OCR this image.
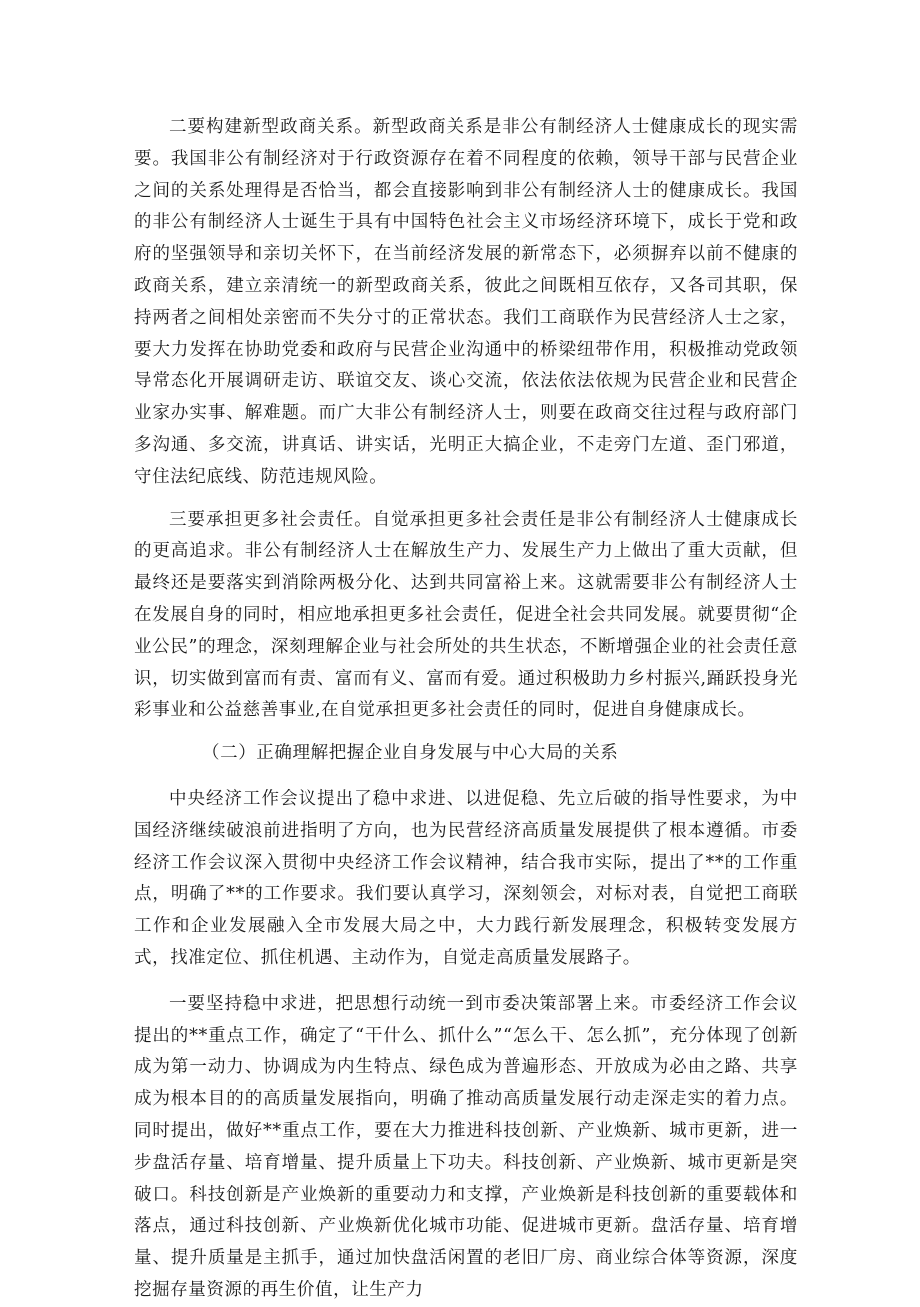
二要构建新型政商关系。新型政商关系是非公有制经济人士健康成长的现实需要。我国非公有制经济对于行政资源存在着不同程度的依赖，领导干部与民营企业之间的关系处理得是否恰当，都会直接影响到非公有制经济人士的健康成长。我国的非公有制经济人士诞生于具有中国特色社会主义市场经济环境下，成长于党和政府的坚强领导和亲切关怀下，在当前经济发展的新常态下，必须摒弃以前不健康的政商关系，建立亲清统一的新型政商关系，彼此之间既相互依存，又各司其职，保持两者之间相处亲密而不失分寸的正常状态。我们工商联作为民营经济人士之家，要大力发挥在协助党委和政府与民营企业沟通中的桥梁纽带作用，积极推动党政领导常态化开展调研走访、联谊交友、谈心交流，依法依法依规为民营企业和民营企业家办实事、解难题。而广大非公有制经济人士，则要在政商交往过程与政府部门多沟通、多交流，讲真话、讲实话，光明正大搞企业，不走旁门左道、歪门邪道，守住法纪底线、防范违规风险。

三要承担更多社会责任。自觉承担更多社会责任是非公有制经济人士健康成长的更高追求。非公有制经济人士在解放生产力、发展生产力上做出了重大贡献，但最终还是要落实到消除两极分化、达到共同富裕上来。这就需要非公有制经济人士在发展自身的同时，相应地承担更多社会责任，促进全社会共同发展。就要贯彻“企业公民”的理念，深刻理解企业与社会所处的共生状态，不断增强企业的社会责任意识，切实做到富而有责、富而有义、富而有爱。通过积极助力乡村振兴,踊跃投身光彩事业和公益慈善事业,在自觉承担更多社会责任的同时，促进自身健康成长。

（二）正确理解把握企业自身发展与中心大局的关系

中央经济工作会议提出了稳中求进、以进促稳、先立后破的指导性要求，为中国经济继续破浪前进指明了方向，也为民营经济高质量发展提供了根本遵循。市委经济工作会议深入贯彻中央经济工作会议精神，结合我市实际，提出了**的工作重点，明确了**的工作要求。我们要认真学习，深刻领会，对标对表，自觉把工商联工作和企业发展融入全市发展大局之中，大力践行新发展理念，积极转变发展方式，找准定位、抓住机遇、主动作为，自觉走高质量发展路子。

一要坚持稳中求进，把思想行动统一到市委决策部署上来。市委经济工作会议提出的**重点工作，确定了“干什么、抓什么”“怎么干、怎么抓”，充分体现了创新成为第一动力、协调成为内生特点、绿色成为普遍形态、开放成为必由之路、共享成为根本目的的高质量发展指向，明确了推动高质量发展行动走深走实的着力点。同时提出，做好**重点工作，要在大力推进科技创新、产业焕新、城市更新，进一步盘活存量、培育增量、提升质量上下功夫。科技创新、产业焕新、城市更新是突破口。科技创新是产业焕新的重要动力和支撑，产业焕新是科技创新的重要载体和落点，通过科技创新、产业焕新优化城市功能、促进城市更新。盘活存量、培育增量、提升质量是主抓手，通过加快盘活闲置的老旧厂房、商业综合体等资源，深度挖掘存量资源的再生价值，让生产力
